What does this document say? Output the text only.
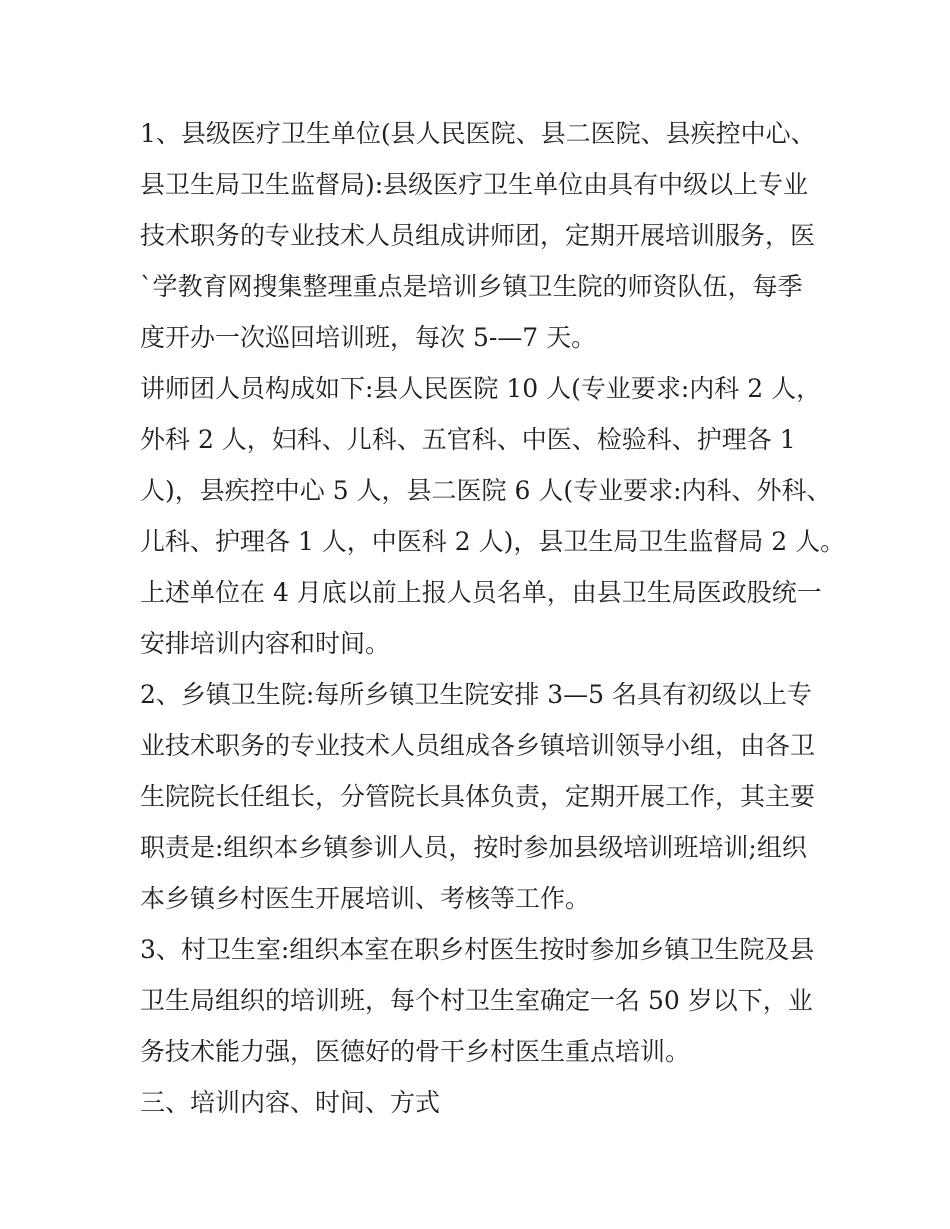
1、县级医疗卫生单位(县人民医院、县二医院、县疾控中心、
县卫生局卫生监督局):县级医疗卫生单位由具有中级以上专业
技术职务的专业技术人员组成讲师团，定期开展培训服务，医
`学教育网搜集整理重点是培训乡镇卫生院的师资队伍，每季
度开办一次巡回培训班，每次 5-—7 天。
讲师团人员构成如下:县人民医院 10 人(专业要求:内科 2 人，
外科 2 人，妇科、儿科、五官科、中医、检验科、护理各 1
人)，县疾控中心 5 人，县二医院 6 人(专业要求:内科、外科、
儿科、护理各 1 人，中医科 2 人)，县卫生局卫生监督局 2 人。
上述单位在 4 月底以前上报人员名单，由县卫生局医政股统一
安排培训内容和时间。
2、乡镇卫生院:每所乡镇卫生院安排 3—5 名具有初级以上专
业技术职务的专业技术人员组成各乡镇培训领导小组，由各卫
生院院长任组长，分管院长具体负责，定期开展工作，其主要
职责是:组织本乡镇参训人员，按时参加县级培训班培训;组织
本乡镇乡村医生开展培训、考核等工作。
3、村卫生室:组织本室在职乡村医生按时参加乡镇卫生院及县
卫生局组织的培训班，每个村卫生室确定一名 50 岁以下，业
务技术能力强，医德好的骨干乡村医生重点培训。
三、培训内容、时间、方式
